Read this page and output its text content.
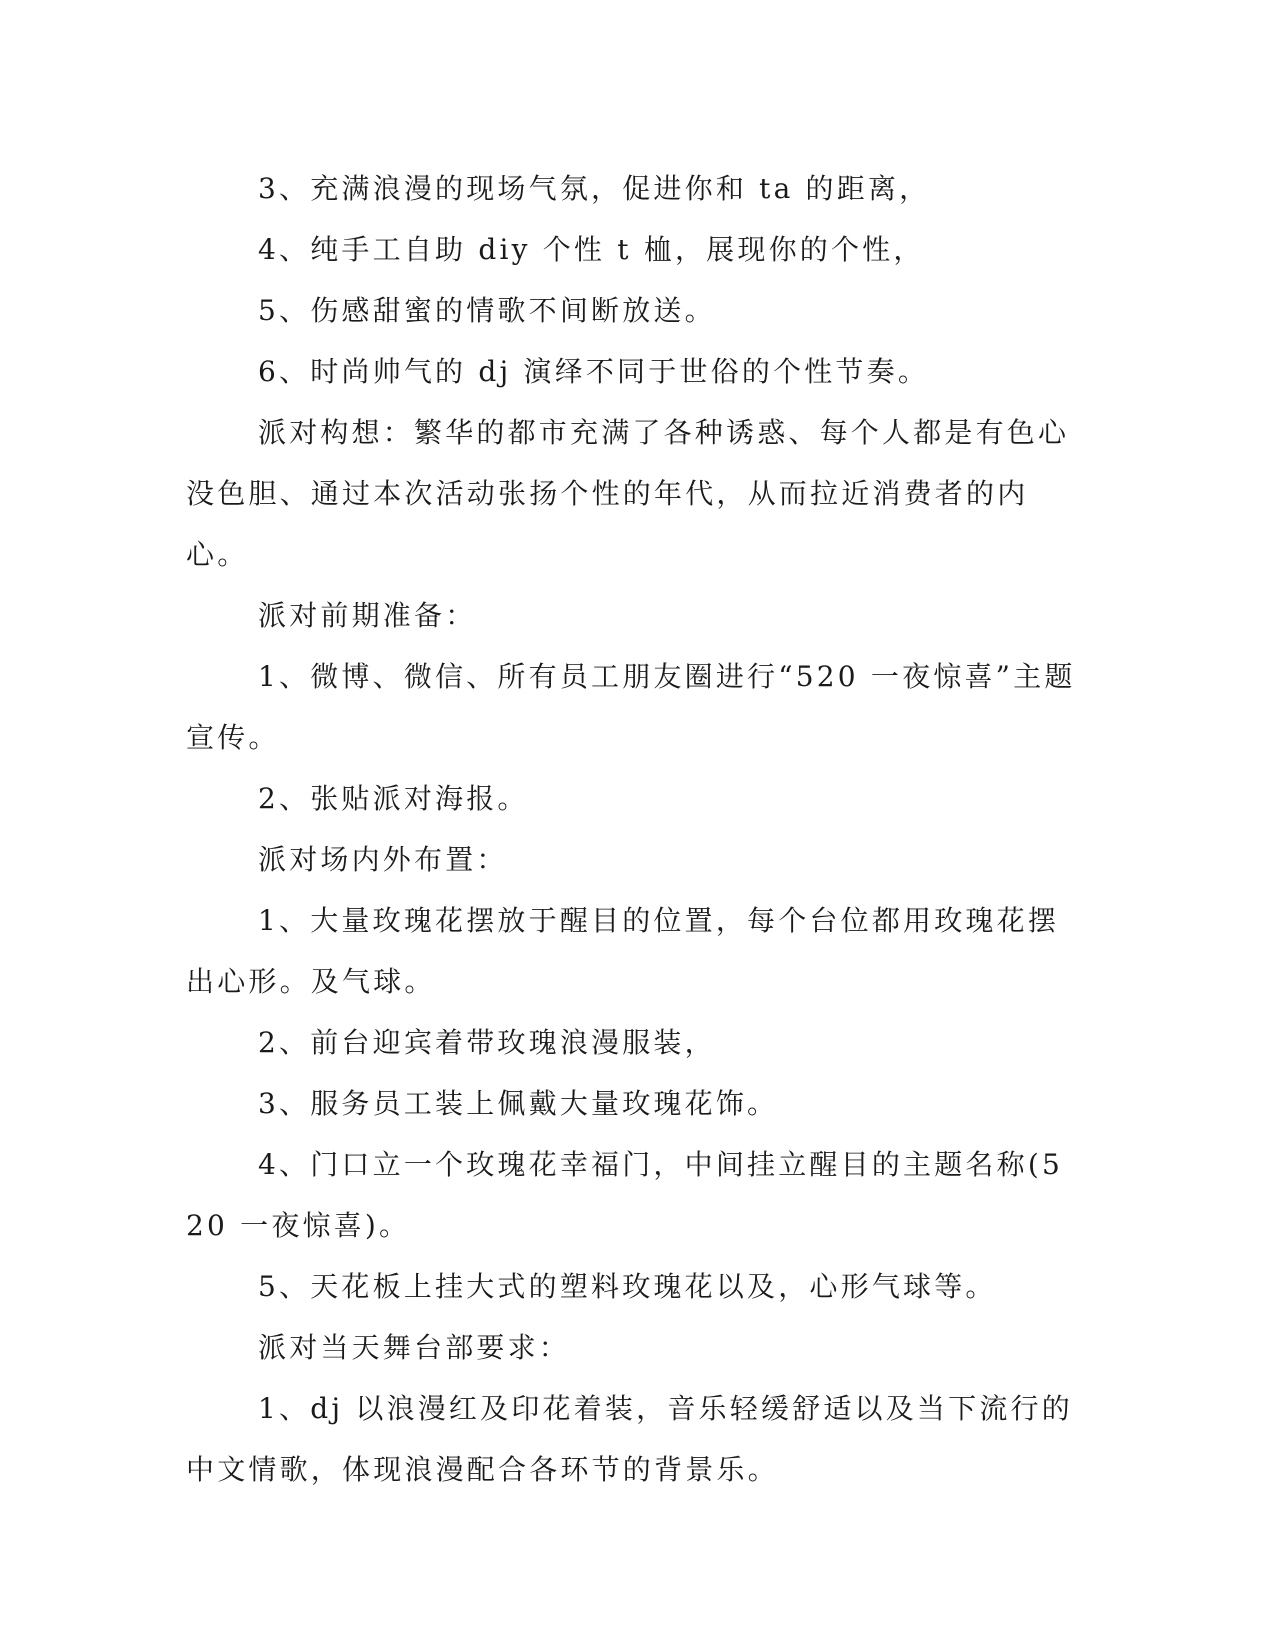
3、充满浪漫的现场气氛，促进你和 ta 的距离，

4、纯手工自助 diy 个性 t 桖，展现你的个性，

5、伤感甜蜜的情歌不间断放送。

6、时尚帅气的 dj 演绎不同于世俗的个性节奏。

派对构想：繁华的都市充满了各种诱惑、每个人都是有色心没色胆、通过本次活动张扬个性的年代，从而拉近消费者的内心。

派对前期准备：

1、微博、微信、所有员工朋友圈进行“520 一夜惊喜”主题宣传。

2、张贴派对海报。

派对场内外布置：

1、大量玫瑰花摆放于醒目的位置，每个台位都用玫瑰花摆出心形。及气球。

2、前台迎宾着带玫瑰浪漫服装，

3、服务员工装上佩戴大量玫瑰花饰。

4、门口立一个玫瑰花幸福门，中间挂立醒目的主题名称(520 一夜惊喜)。

5、天花板上挂大式的塑料玫瑰花以及，心形气球等。

派对当天舞台部要求：

1、dj 以浪漫红及印花着装，音乐轻缓舒适以及当下流行的中文情歌，体现浪漫配合各环节的背景乐。
